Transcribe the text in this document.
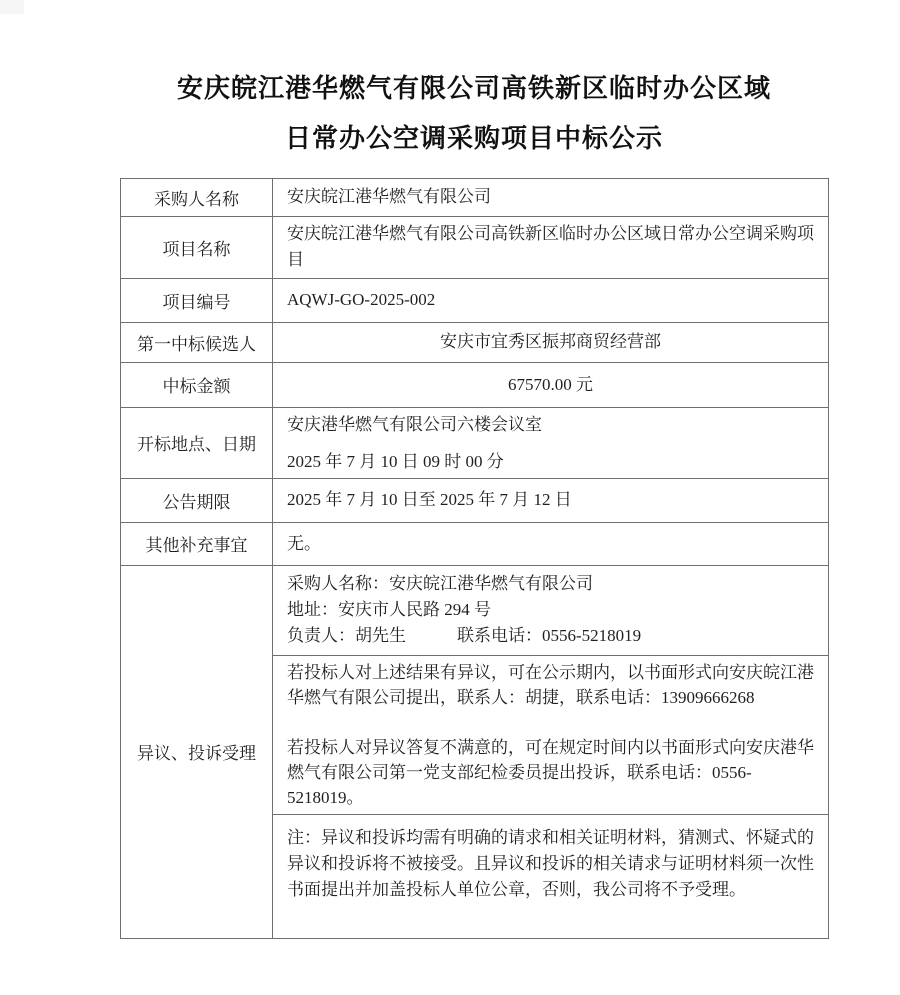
安庆皖江港华燃气有限公司高铁新区临时办公区域
日常办公空调采购项目中标公示
采购人名称	安庆皖江港华燃气有限公司
项目名称	安庆皖江港华燃气有限公司高铁新区临时办公区域日常办公空调采购项目
项目编号	AQWJ-GO-2025-002
第一中标候选人	安庆市宜秀区振邦商贸经营部
中标金额	67570.00 元
开标地点、日期	安庆港华燃气有限公司六楼会议室
2025 年 7 月 10 日 09 时 00 分

公告期限	2025 年 7 月 10 日至 2025 年 7 月 12 日
其他补充事宜	无。
异议、投诉受理	采购人名称：安庆皖江港华燃气有限公司
地址：安庆市人民路 294 号
负责人：胡先生　　　联系电话：0556-5218019

	若投标人对上述结果有异议，可在公示期内，以书面形式向安庆皖江港华燃气有限公司提出，联系人：胡捷，联系电话：13909666268

若投标人对异议答复不满意的，可在规定时间内以书面形式向安庆港华燃气有限公司第一党支部纪检委员提出投诉，联系电话：0556-5218019。

	注：异议和投诉均需有明确的请求和相关证明材料，猜测式、怀疑式的异议和投诉将不被接受。且异议和投诉的相关请求与证明材料须一次性书面提出并加盖投标人单位公章，否则，我公司将不予受理。
